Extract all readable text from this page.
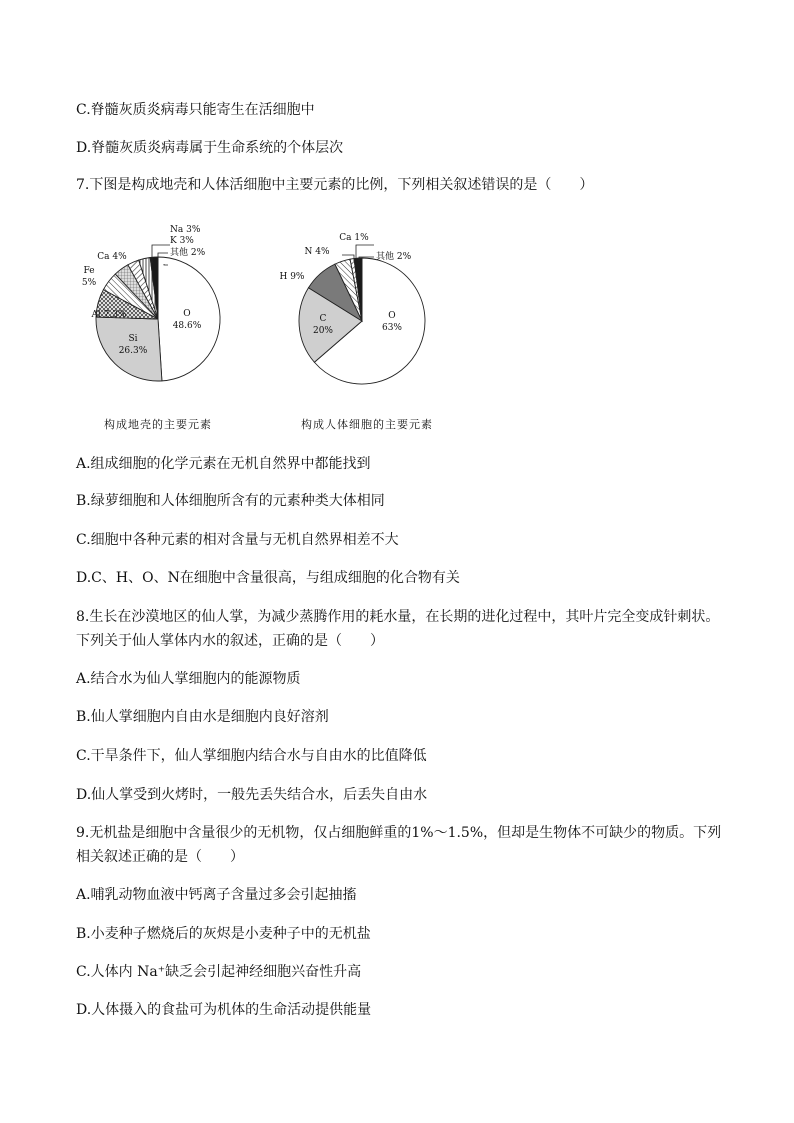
C.脊髓灰质炎病毒只能寄生在活细胞中
D.脊髓灰质炎病毒属于生命系统的个体层次
7.下图是构成地壳和人体活细胞中主要元素的比例，下列相关叙述错误的是（　　）
A.组成细胞的化学元素在无机自然界中都能找到
B.绿萝细胞和人体细胞所含有的元素种类大体相同
C.细胞中各种元素的相对含量与无机自然界相差不大
D.C、H、O、N在细胞中含量很高，与组成细胞的化合物有关
8.生长在沙漠地区的仙人掌，为减少蒸腾作用的耗水量，在长期的进化过程中，其叶片完全变成针刺状。
下列关于仙人掌体内水的叙述，正确的是（　　）
A.结合水为仙人掌细胞内的能源物质
B.仙人掌细胞内自由水是细胞内良好溶剂
C.干旱条件下，仙人掌细胞内结合水与自由水的比值降低
D.仙人掌受到火烤时，一般先丢失结合水，后丢失自由水
9.无机盐是细胞中含量很少的无机物，仅占细胞鲜重的1%～1.5%，但却是生物体不可缺少的物质。下列
相关叙述正确的是（　　）
A.哺乳动物血液中钙离子含量过多会引起抽搐
B.小麦种子燃烧后的灰烬是小麦种子中的无机盐
C.人体内 Na⁺缺乏会引起神经细胞兴奋性升高
D.人体摄入的食盐可为机体的生命活动提供能量
O
48.6%
Si
26.3%
Al 7.3%
Fe
5%
Ca 4%
Na 3%
K 3%
其他 2%
O
63%
C
20%
H 9%
N 4%
Ca 1%
其他 2%
构成地壳的主要元素	构成人体细胞的主要元素
